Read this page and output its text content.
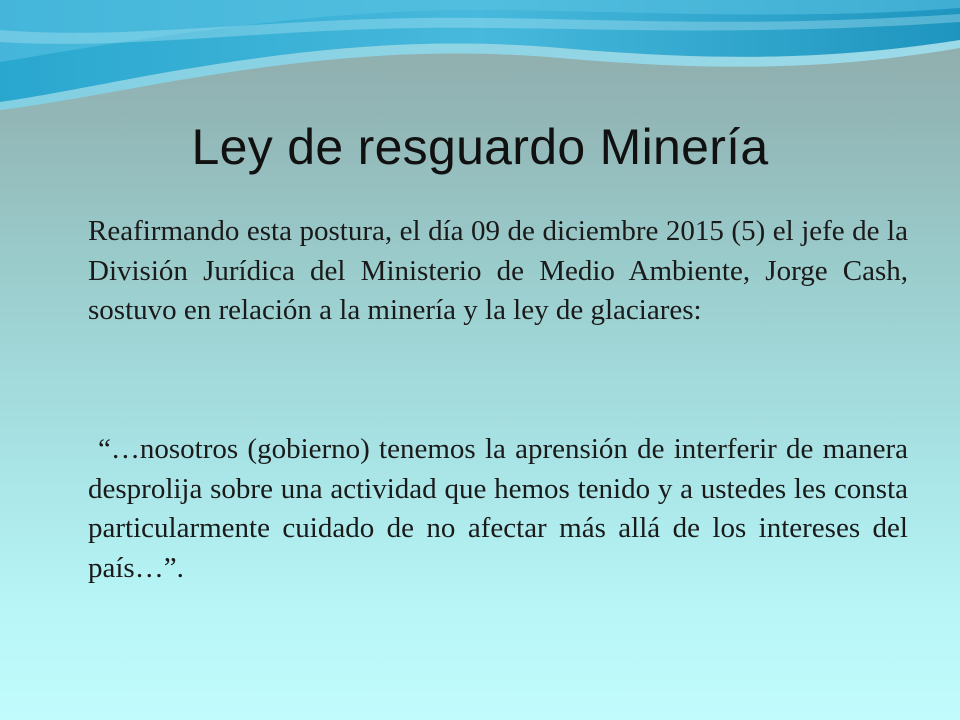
Ley de resguardo Minería

Reafirmando esta postura, el día 09 de diciembre 2015 (5) el jefe de la División Jurídica del Ministerio de Medio Ambiente, Jorge Cash, sostuvo en relación a la minería y la ley de glaciares:

“…nosotros (gobierno) tenemos la aprensión de interferir de manera desprolija sobre una actividad que hemos tenido y a ustedes les consta particularmente cuidado de no afectar más allá de los intereses del país…”.
